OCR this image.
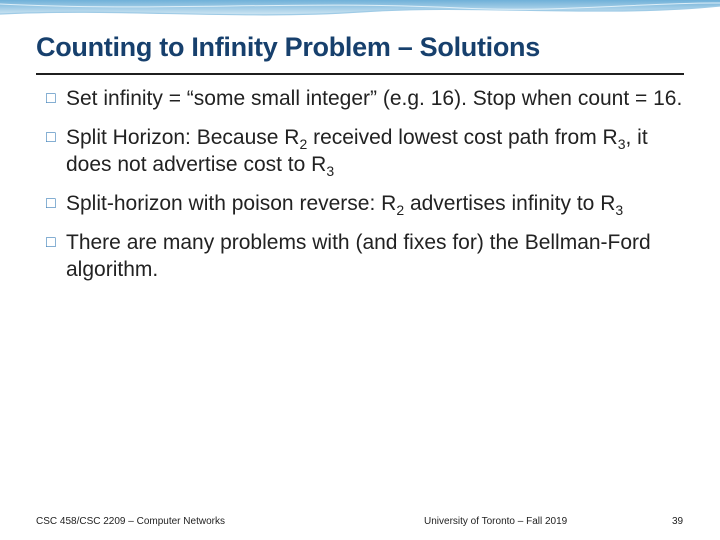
Counting to Infinity Problem – Solutions
□ Set infinity = “some small integer” (e.g. 16). Stop when count = 16.
□ Split Horizon: Because $R_2$ received lowest cost path from $R_3$, it does not advertise cost to $R_3$
□ Split-horizon with poison reverse: $R_2$ advertises infinity to $R_3$
□ There are many problems with (and fixes for) the Bellman-Ford algorithm.
CSC 458/CSC 2209 – Computer Networks	University of Toronto – Fall 2019	39
